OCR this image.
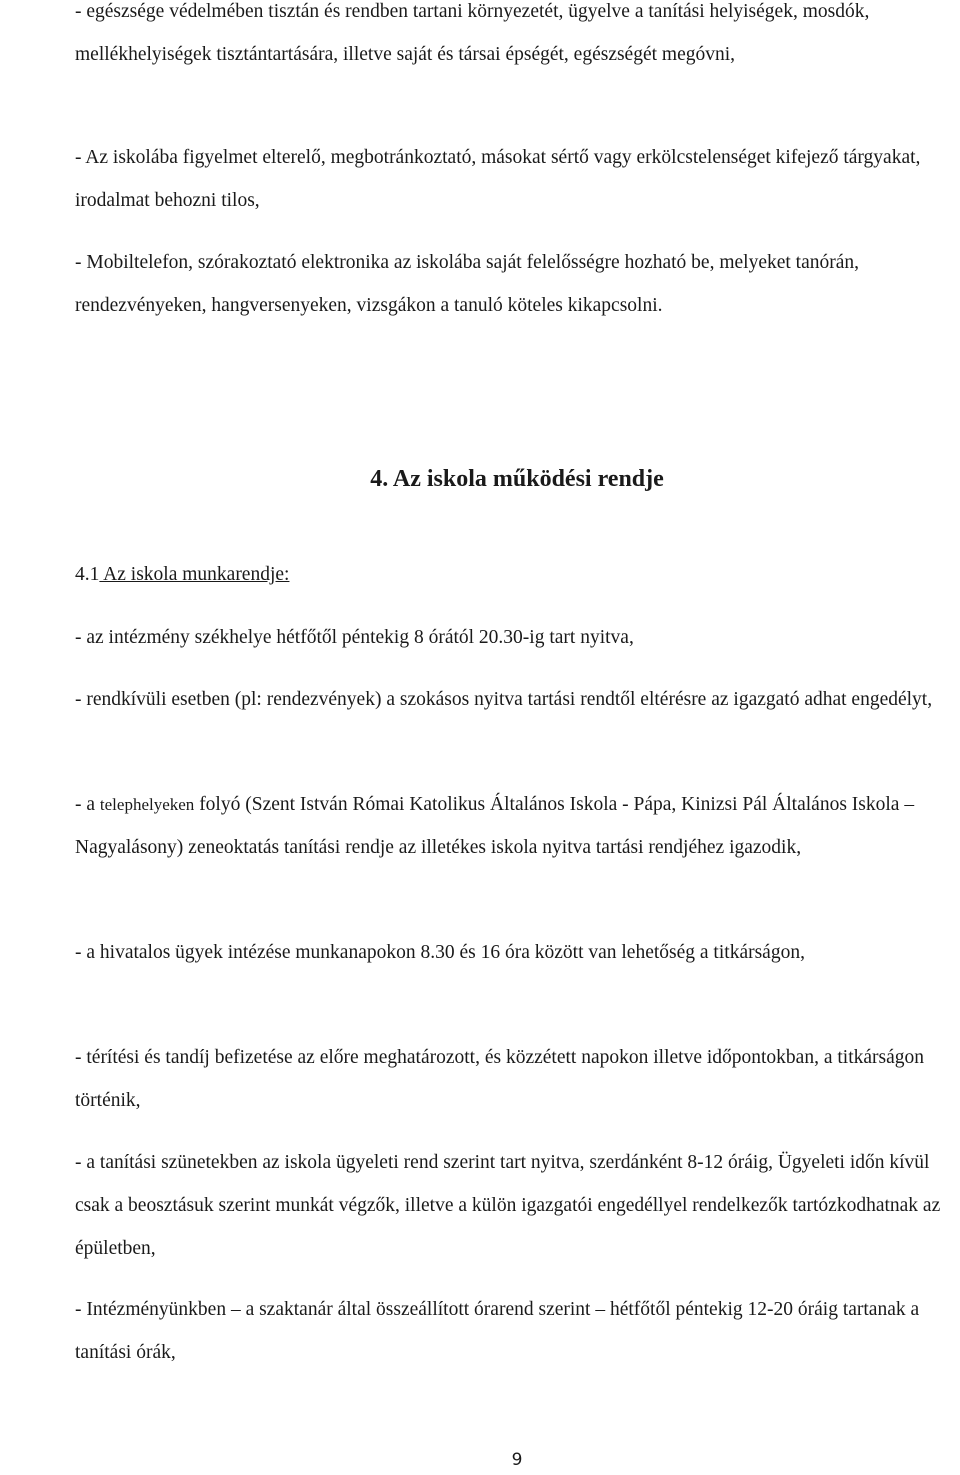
- egészsége védelmében tisztán és rendben tartani környezetét, ügyelve a tanítási helyiségek, mosdók, mellékhelyiségek tisztántartására, illetve saját és társai épségét, egészségét megóvni,

- Az iskolába figyelmet elterelő, megbotránkoztató, másokat sértő vagy erkölcstelenséget kifejező tárgyakat, irodalmat behozni tilos,

- Mobiltelefon, szórakoztató elektronika az iskolába saját felelősségre hozható be, melyeket tanórán, rendezvényeken, hangversenyeken, vizsgákon a tanuló köteles kikapcsolni.

4. Az iskola működési rendje

4.1 Az iskola munkarendje:

- az intézmény székhelye hétfőtől péntekig 8 órától 20.30-ig tart nyitva,

- rendkívüli esetben (pl: rendezvények) a szokásos nyitva tartási rendtől eltérésre az igazgató adhat engedélyt,

- a telephelyeken folyó (Szent István Római Katolikus Általános Iskola - Pápa, Kinizsi Pál Általános Iskola –Nagyalásony) zeneoktatás tanítási rendje az illetékes iskola nyitva tartási rendjéhez igazodik,

- a hivatalos ügyek intézése munkanapokon 8.30 és 16 óra között van lehetőség a titkárságon,

- térítési és tandíj befizetése az előre meghatározott, és közzétett napokon illetve időpontokban, a titkárságon történik,

- a tanítási szünetekben az iskola ügyeleti rend szerint tart nyitva, szerdánként 8-12 óráig, Ügyeleti időn kívül csak a beosztásuk szerint munkát végzők, illetve a külön igazgatói engedéllyel rendelkezők tartózkodhatnak az épületben,

- Intézményünkben – a szaktanár által összeállított órarend szerint – hétfőtől péntekig 12-20 óráig tartanak a tanítási órák,

9
